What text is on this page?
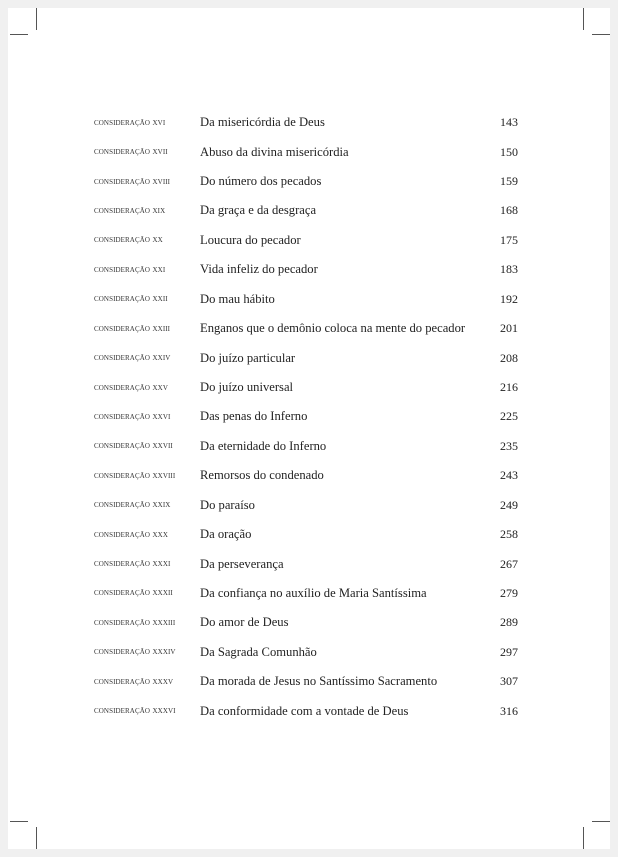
consideração xvi	Da misericórdia de Deus	143
consideração xvii	Abuso da divina misericórdia	150
consideração xviii	Do número dos pecados	159
consideração xix	Da graça e da desgraça	168
consideração xx	Loucura do pecador	175
consideração xxi	Vida infeliz do pecador	183
consideração xxii	Do mau hábito	192
consideração xxiii	Enganos que o demônio coloca na mente do pecador	201
consideração xxiv	Do juízo particular	208
consideração xxv	Do juízo universal	216
consideração xxvi	Das penas do Inferno	225
consideração xxvii	Da eternidade do Inferno	235
consideração xxviii	Remorsos do condenado	243
consideração xxix	Do paraíso	249
consideração xxx	Da oração	258
consideração xxxi	Da perseverança	267
consideração xxxii	Da confiança no auxílio de Maria Santíssima	279
consideração xxxiii	Do amor de Deus	289
consideração xxxiv	Da Sagrada Comunhão	297
consideração xxxv	Da morada de Jesus no Santíssimo Sacramento	307
consideração xxxvi	Da conformidade com a vontade de Deus	316
